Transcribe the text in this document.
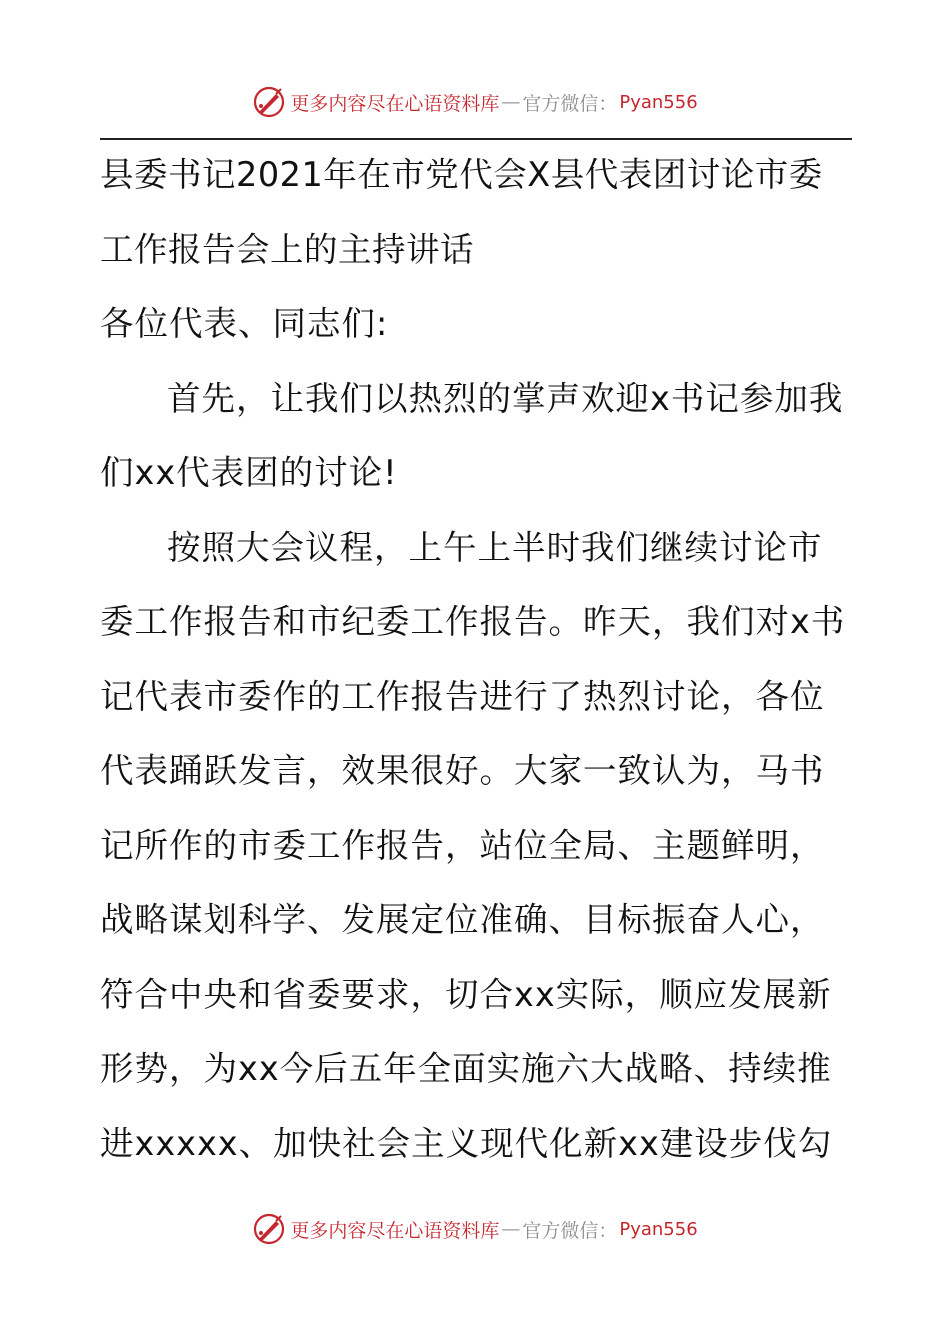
更多内容尽在心语资料库 — 官方微信： Pyan556

县委书记2021年在市党代会X县代表团讨论市委工作报告会上的主持讲话

各位代表、同志们:

首先，让我们以热烈的掌声欢迎x书记参加我们xx代表团的讨论!

按照大会议程，上午上半时我们继续讨论市委工作报告和市纪委工作报告。昨天，我们对x书记代表市委作的工作报告进行了热烈讨论，各位代表踊跃发言，效果很好。大家一致认为，马书记所作的市委工作报告，站位全局、主题鲜明，战略谋划科学、发展定位准确、目标振奋人心，符合中央和省委要求，切合xx实际，顺应发展新形势，为xx今后五年全面实施六大战略、持续推进xxxxx、加快社会主义现代化新xx建设步伐勾

更多内容尽在心语资料库 — 官方微信： Pyan556
